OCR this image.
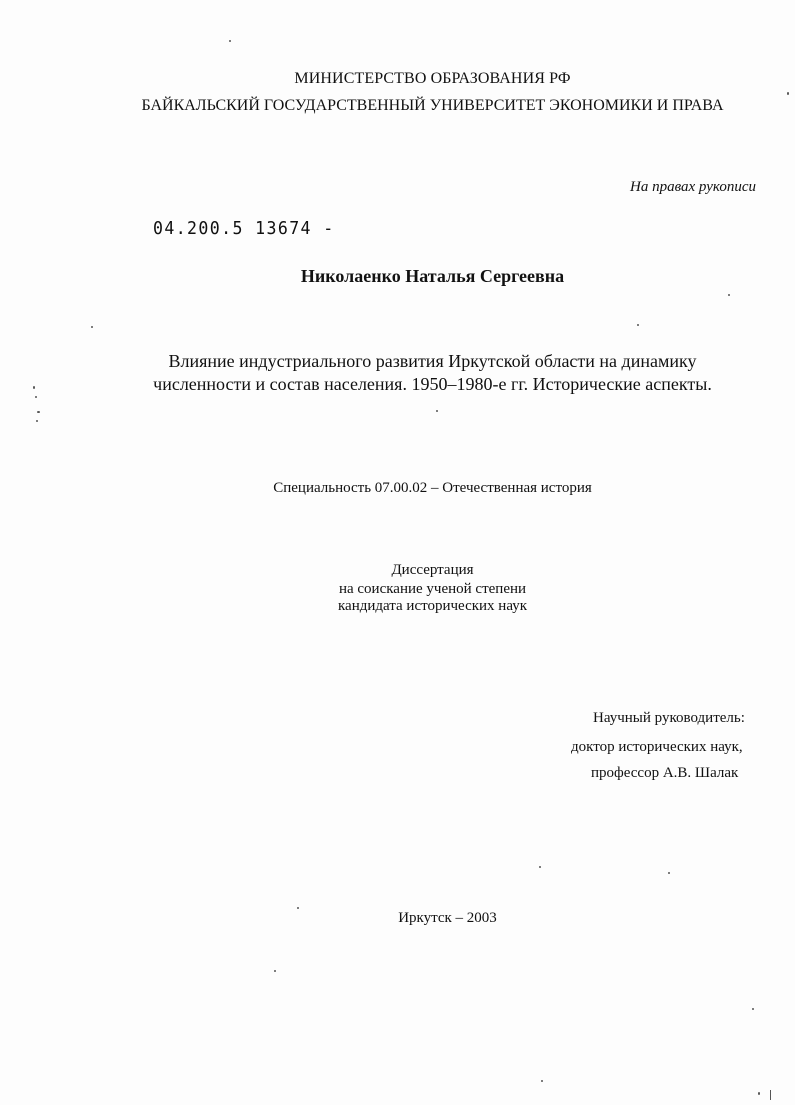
МИНИСТЕРСТВО ОБРАЗОВАНИЯ РФ
БАЙКАЛЬСКИЙ ГОСУДАРСТВЕННЫЙ УНИВЕРСИТЕТ ЭКОНОМИКИ И ПРАВА
На правах рукописи
04.200.5 13674 -
Николаенко Наталья Сергеевна
Влияние индустриального развития Иркутской области на динамику
численности и состав населения. 1950–1980-е гг. Исторические аспекты.
Специальность 07.00.02 – Отечественная история
Диссертация
на соискание ученой степени
кандидата исторических наук
Научный руководитель:
доктор исторических наук,
профессор А.В. Шалак
Иркутск – 2003
